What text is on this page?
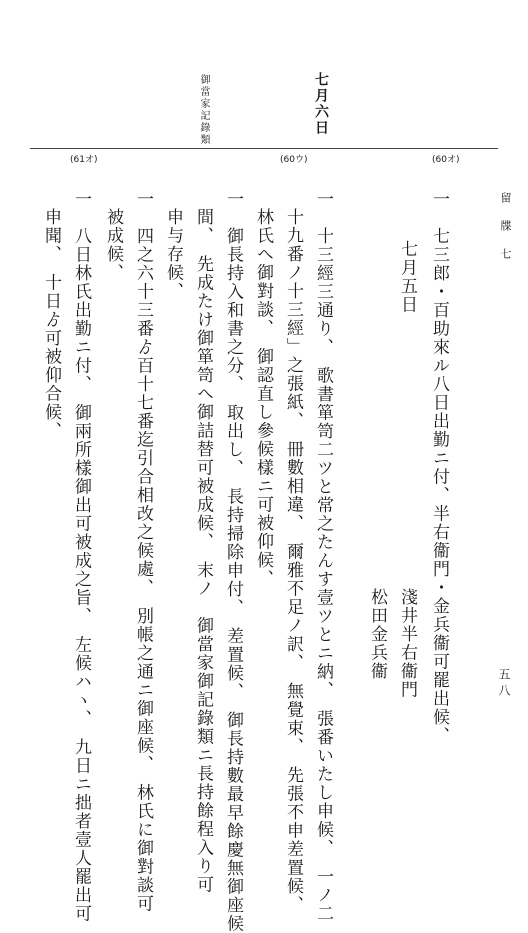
七月六日
御當家記錄類
(60オ)
(60ウ)
(61オ)
留　牒　七
五八
一　七三郎・百助來ル八日出勤ニ付、半右衞門・金兵衞可罷出候、
七月五日
淺井半右衞門
松田金兵衞
一　十三經三通り、　歌書箪笥二ツと常之たんす壹ツとニ納、　張番いたし申候、　一ノ二
十九番ノ十三經」之張紙、　冊數相違、　爾雅不足ノ訳、　無覺束、　先張不申差置候、
林氏へ御對談、　御認直し參候樣ニ可被仰候、
一　御長持入和書之分、　取出し、　長持掃除申付、　差置候、　御長持數最早餘慶無御座候
間、　先成たけ御箪笥へ御詰替可被成候、　末ノ　御當家御記錄類ニ長持餘程入り可
申与存候、
一　四之六十三番ゟ百十七番迄引合相改之候處、　別帳之通ニ御座候、　林氏に御對談可
被成候、
一　八日林氏出勤ニ付、　御兩所樣御出可被成之旨、　左候ハヽ、　九日ニ拙者壹人罷出可
申聞、　十日ゟ可被仰合候、
